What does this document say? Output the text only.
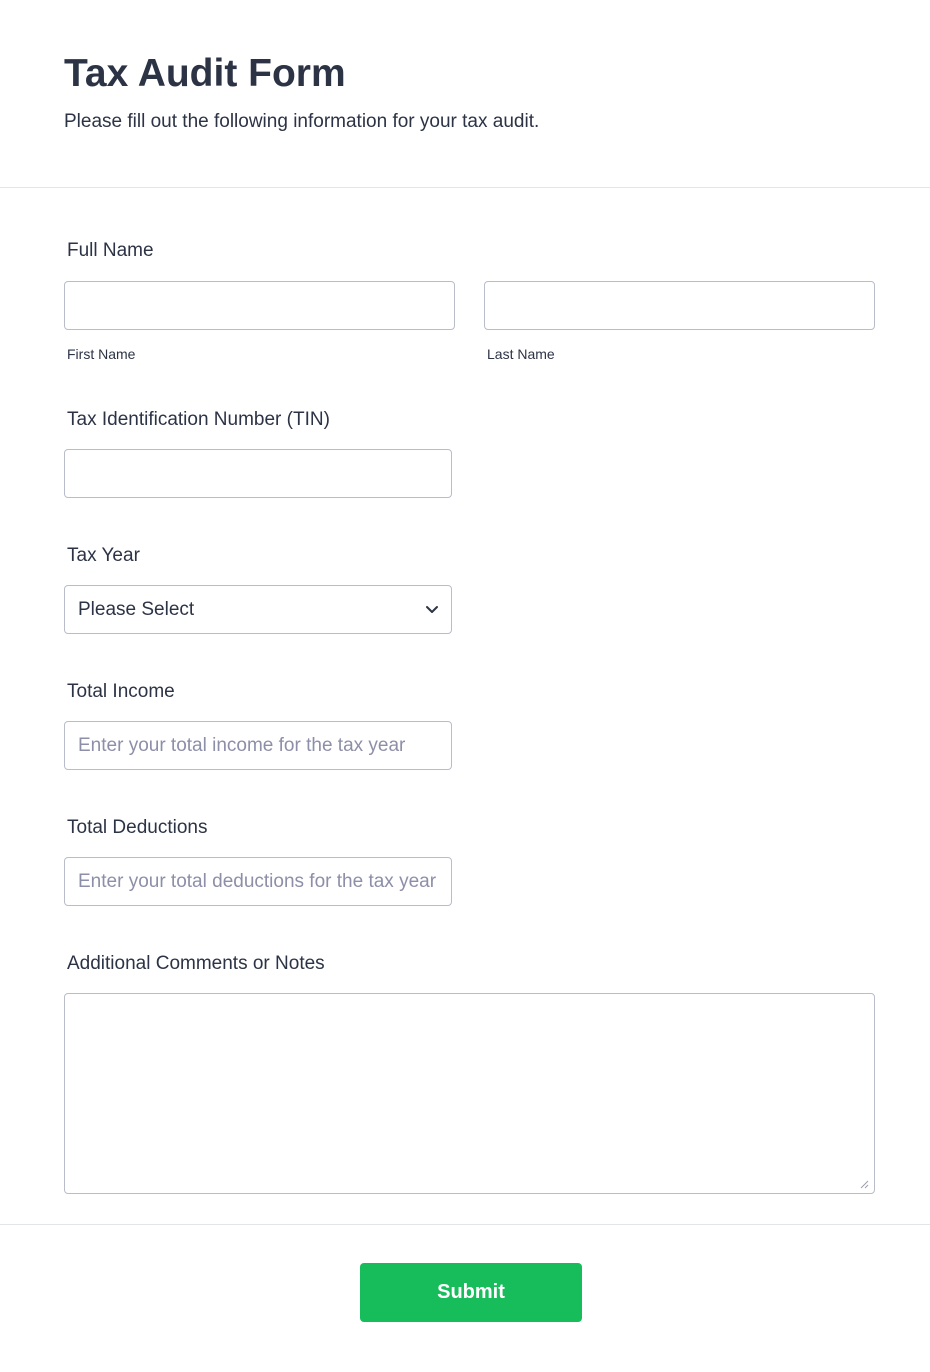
Tax Audit Form

Please fill out the following information for your tax audit.

Full Name
First Name	Last Name
Tax Identification Number (TIN)
Tax Year
Please Select
Total Income
Enter your total income for the tax year
Total Deductions
Enter your total deductions for the tax year
Additional Comments or Notes
Submit
